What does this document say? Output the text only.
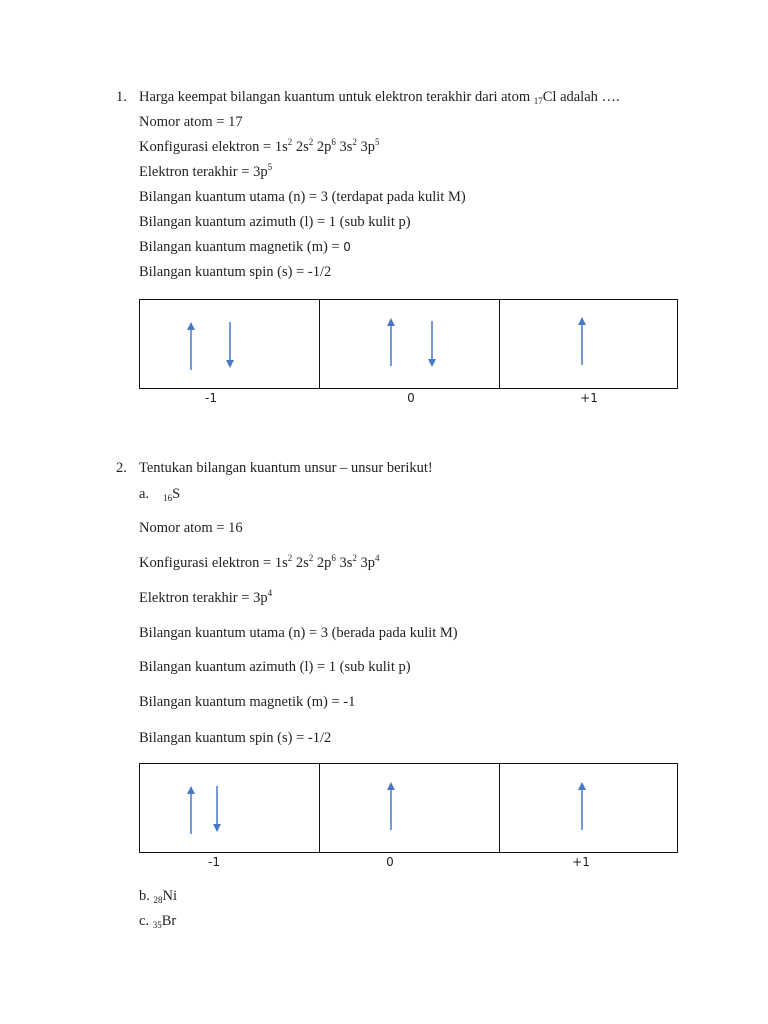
1. Harga keempat bilangan kuantum untuk elektron terakhir dari atom $_{17}$Cl adalah ….
Nomor atom = 17
Konfigurasi elektron = $1s^2$ $2s^2$ $2p^6$ $3s^2$ $3p^5$
Elektron terakhir = $3p^5$
Bilangan kuantum utama (n) = 3 (terdapat pada kulit M)
Bilangan kuantum azimuth (l) = 1 (sub kulit p)
Bilangan kuantum magnetik (m) = 0
Bilangan kuantum spin (s) = -1/2
-1	0	+1
2. Tentukan bilangan kuantum unsur – unsur berikut!
a. $_{16}$S
Nomor atom = 16
Konfigurasi elektron = $1s^2$ $2s^2$ $2p^6$ $3s^2$ $3p^4$
Elektron terakhir = $3p^4$
Bilangan kuantum utama (n) = 3 (berada pada kulit M)
Bilangan kuantum azimuth (l) = 1 (sub kulit p)
Bilangan kuantum magnetik (m) = -1
Bilangan kuantum spin (s) = -1/2
-1	0	+1
b. $_{28}$Ni
c. $_{35}$Br
